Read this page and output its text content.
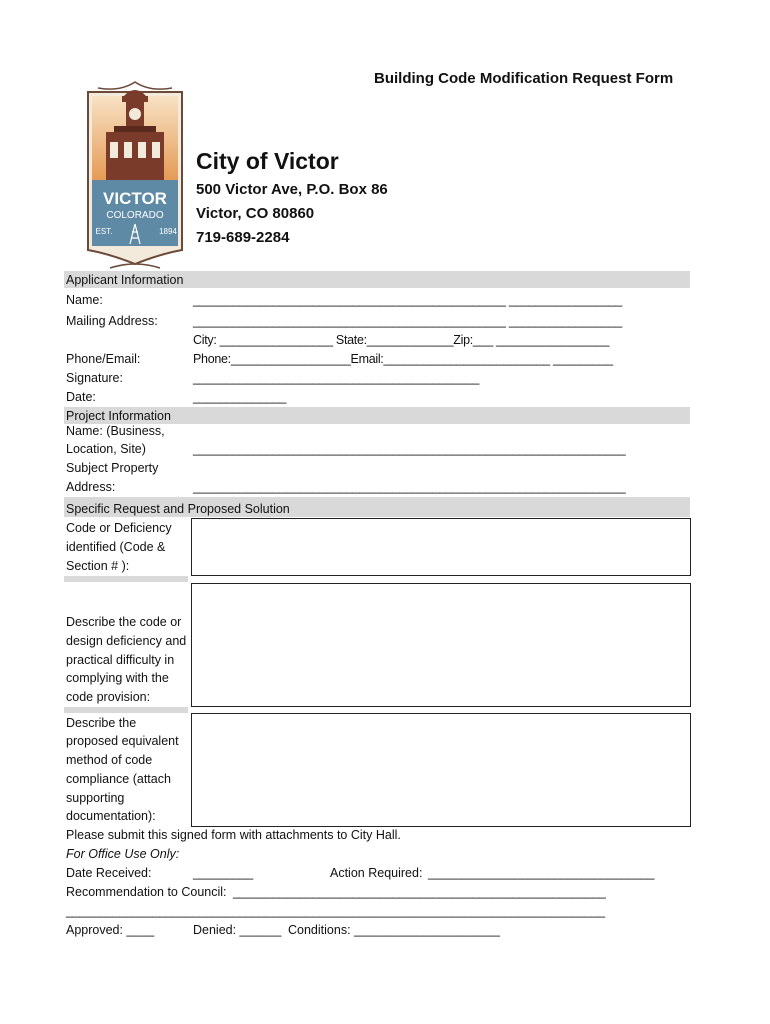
Building Code Modification Request Form
VICTOR
COLORADO
EST.	1894
City of Victor
500 Victor Ave, P.O. Box 86
Victor, CO 80860
719-689-2284
Applicant Information
Name:	_______________________________________________ _________________
Mailing Address:	_______________________________________________ _________________
City: _________________ State:_____________Zip:___ _________________
Phone/Email:	Phone:__________________Email:_________________________ _________
Signature:	___________________________________________
Date:	______________
Project Information
Name: (Business,
Location, Site)	_________________________________________________________________
Subject Property
Address:	_________________________________________________________________
Specific Request and Proposed Solution
Code or Deficiency
identified (Code &
Section # ):
Describe the code or
design deficiency and
practical difficulty in
complying with the
code provision:
Describe the
proposed equivalent
method of code
compliance (attach
supporting
documentation):
Please submit this signed form with attachments to City Hall.
For Office Use Only:
Date Received:	_________	Action Required: __________________________________
Recommendation to Council: ________________________________________________________
_________________________________________________________________________________
Approved: ____	Denied: ______ Conditions: _____________________
